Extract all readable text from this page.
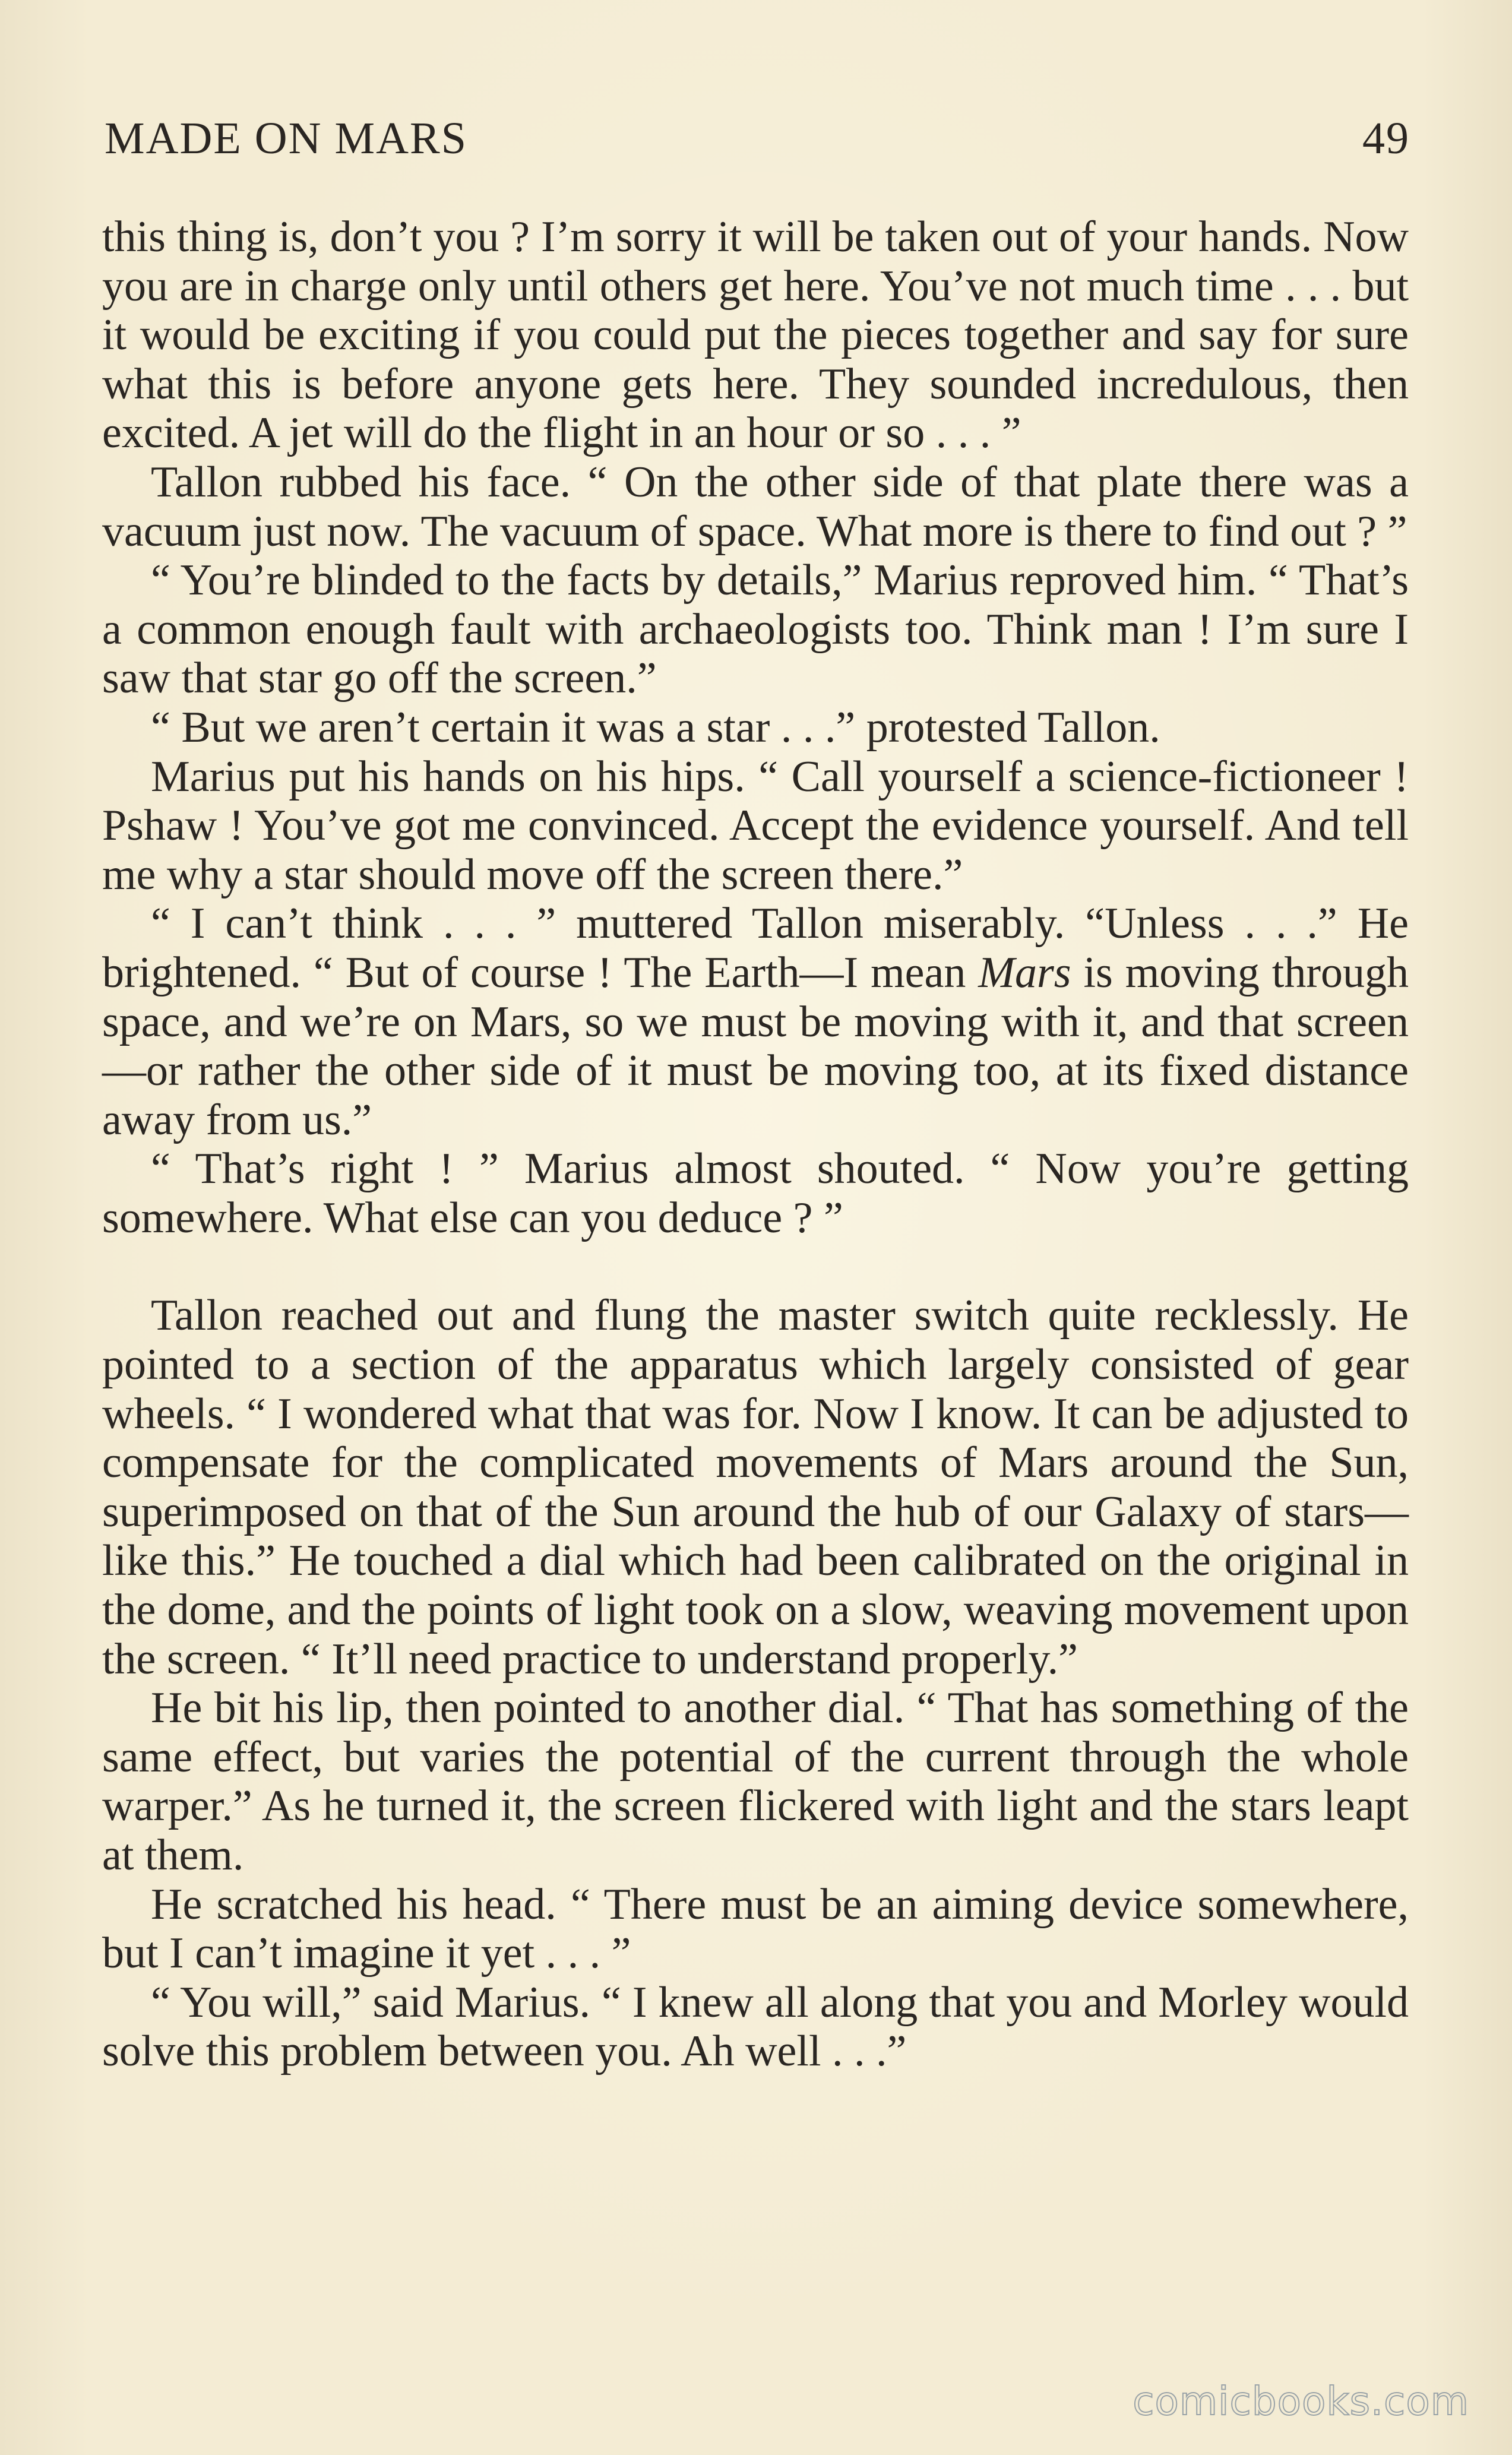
MADE ON MARS	49

this thing is, don’t you ? I’m sorry it will be taken out of your hands. Now you are in charge only until others get here. You’ve not much time . . . but it would be exciting if you could put the pieces together and say for sure what this is before anyone gets here. They sounded incredulous, then excited. A jet will do the flight in an hour or so . . . ”

Tallon rubbed his face. “ On the other side of that plate there was a vacuum just now. The vacuum of space. What more is there to find out ? ”

“ You’re blinded to the facts by details,” Marius reproved him. “ That’s a common enough fault with archaeologists too. Think man ! I’m sure I saw that star go off the screen.”

“ But we aren’t certain it was a star . . .” protested Tallon.

Marius put his hands on his hips. “ Call yourself a science-fictioneer ! Pshaw ! You’ve got me convinced. Accept the evidence yourself. And tell me why a star should move off the screen there.”

“ I can’t think . . . ” muttered Tallon miserably. “Unless . . .” He brightened. “ But of course ! The Earth—I mean Mars is moving through space, and we’re on Mars, so we must be moving with it, and that screen—or rather the other side of it must be moving too, at its fixed distance away from us.”

“ That’s right ! ” Marius almost shouted. “ Now you’re getting somewhere. What else can you deduce ? ”

Tallon reached out and flung the master switch quite recklessly. He pointed to a section of the apparatus which largely consisted of gear wheels. “ I wondered what that was for. Now I know. It can be adjusted to compensate for the complicated movements of Mars around the Sun, superimposed on that of the Sun around the hub of our Galaxy of stars—like this.” He touched a dial which had been calibrated on the original in the dome, and the points of light took on a slow, weaving movement upon the screen. “ It’ll need practice to understand properly.”

He bit his lip, then pointed to another dial. “ That has something of the same effect, but varies the potential of the current through the whole warper.” As he turned it, the screen flickered with light and the stars leapt at them.

He scratched his head. “ There must be an aiming device somewhere, but I can’t imagine it yet . . . ”

“ You will,” said Marius. “ I knew all along that you and Morley would solve this problem between you. Ah well . . .”

comicbooks.com
